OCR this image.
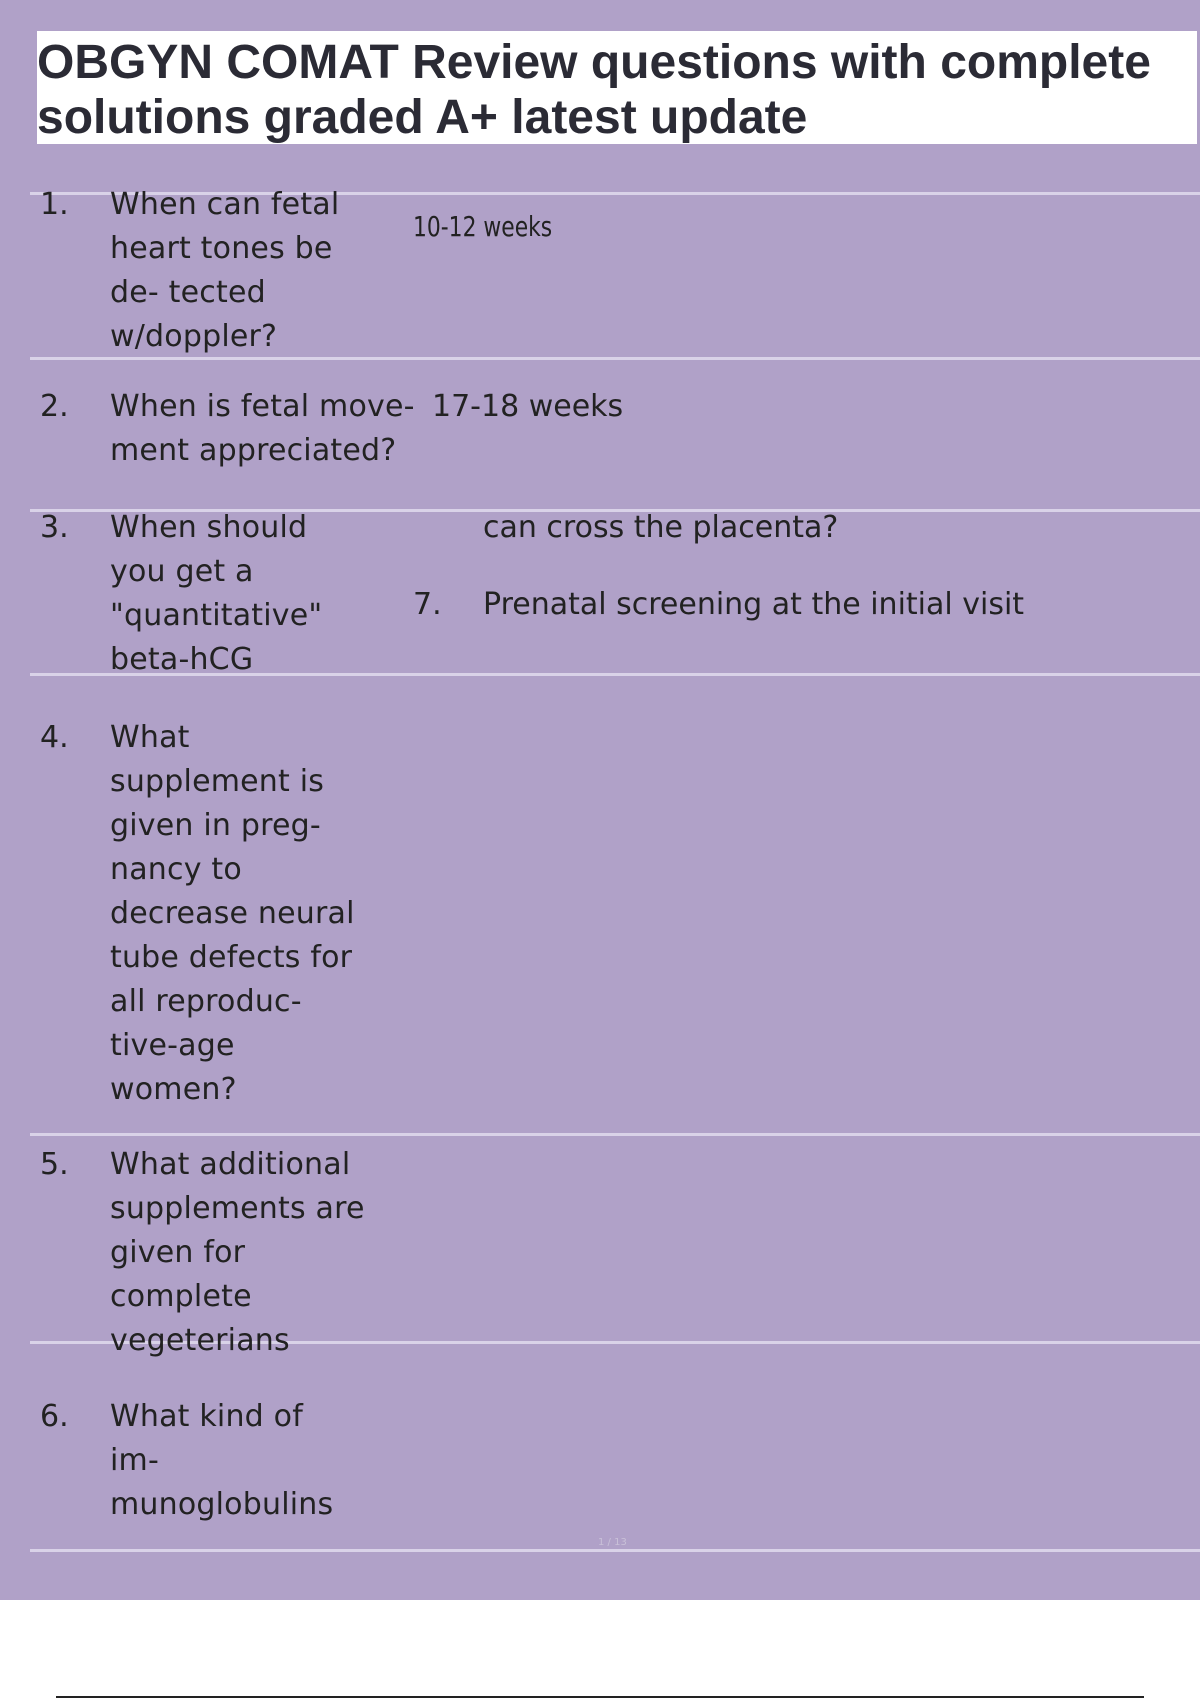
OBGYN COMAT Review questions with complete solutions graded A+ latest update
1. When can fetal
heart tones be
de- tected
w/doppler?
10-12 weeks
2. When is fetal move-
ment appreciated?
17-18 weeks
3. When should
you get a
"quantitative"
beta-hCG
can cross the placenta?
7. Prenatal screening at the initial visit
4. What
supplement is
given in preg-
nancy to
decrease neural
tube defects for
all reproduc-
tive-age
women?
5. What additional
supplements are
given for
complete
vegeterians
6. What kind of
im-
munoglobulins
1 / 13
